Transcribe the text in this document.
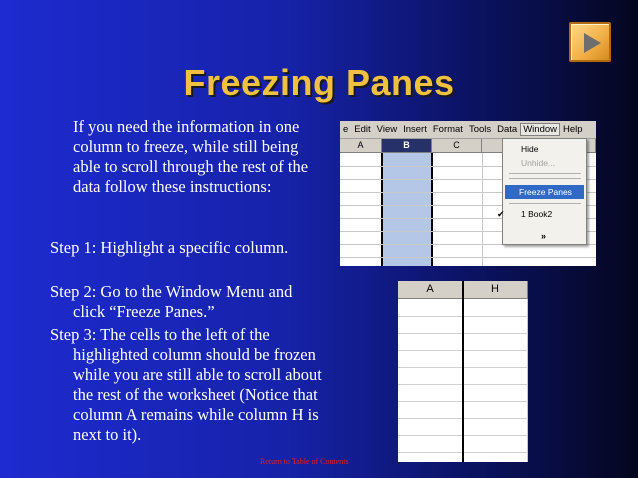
Freezing Panes
If you need the information in one column to freeze, while still being able to scroll through the rest of the data follow these instructions:
Step 1: Highlight a specific column.
Step 2: Go to the Window Menu and click “Freeze Panes.”
Step 3: The cells to the left of the highlighted column should be frozen while you are still able to scroll about the rest of the worksheet (Notice that column A remains while column H is next to it).
Return to Table of Contents
e Edit View Insert Format Tools Data Window Help
A	B	C	Hide
Unhide...
Freeze Panes
✔ 1 Book2
»
A	H
